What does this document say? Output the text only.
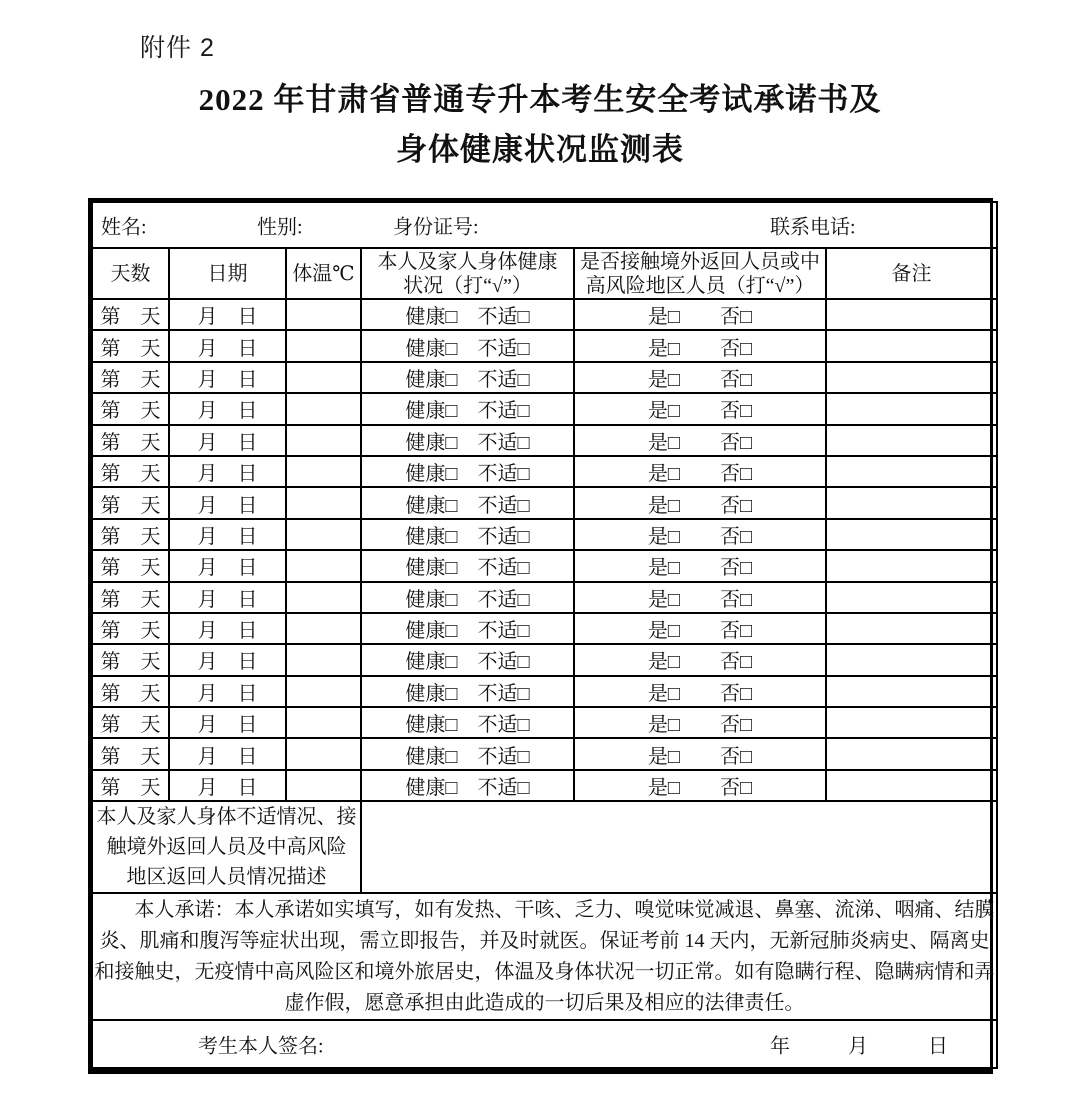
附件 2
2022 年甘肃省普通专升本考生安全考试承诺书及
身体健康状况监测表
姓名: 性别: 身份证号: 联系电话:					

天数	日期	体温℃	本人及家人身体健康
状况（打“√”）	是否接触境外返回人员或中
高风险地区人员（打“√”）	备注
第　天	月　日		健康□　不适□	是□　　否□	
第　天	月　日		健康□　不适□	是□　　否□	
第　天	月　日		健康□　不适□	是□　　否□	
第　天	月　日		健康□　不适□	是□　　否□	
第　天	月　日		健康□　不适□	是□　　否□	
第　天	月　日		健康□　不适□	是□　　否□	
第　天	月　日		健康□　不适□	是□　　否□	
第　天	月　日		健康□　不适□	是□　　否□	
第　天	月　日		健康□　不适□	是□　　否□	
第　天	月　日		健康□　不适□	是□　　否□	
第　天	月　日		健康□　不适□	是□　　否□	
第　天	月　日		健康□　不适□	是□　　否□	
第　天	月　日		健康□　不适□	是□　　否□	
第　天	月　日		健康□　不适□	是□　　否□	
第　天	月　日		健康□　不适□	是□　　否□	
第　天	月　日		健康□　不适□	是□　　否□	

本人及家人身体不适情况、接
触境外返回人员及中高风险
地区返回人员情况描述					

本人承诺：本人承诺如实填写，如有发热、干咳、乏力、嗅觉味觉减退、鼻塞、流涕、咽痛、结膜炎、肌痛和腹泻等症状出现，需立即报告，并及时就医。保证考前 14 天内，无新冠肺炎病史、隔离史和接触史，无疫情中高风险区和境外旅居史，体温及身体状况一切正常。如有隐瞒行程、隐瞒病情和弄虚作假，愿意承担由此造成的一切后果及相应的法律责任。					

考生本人签名: 年 月 日					
